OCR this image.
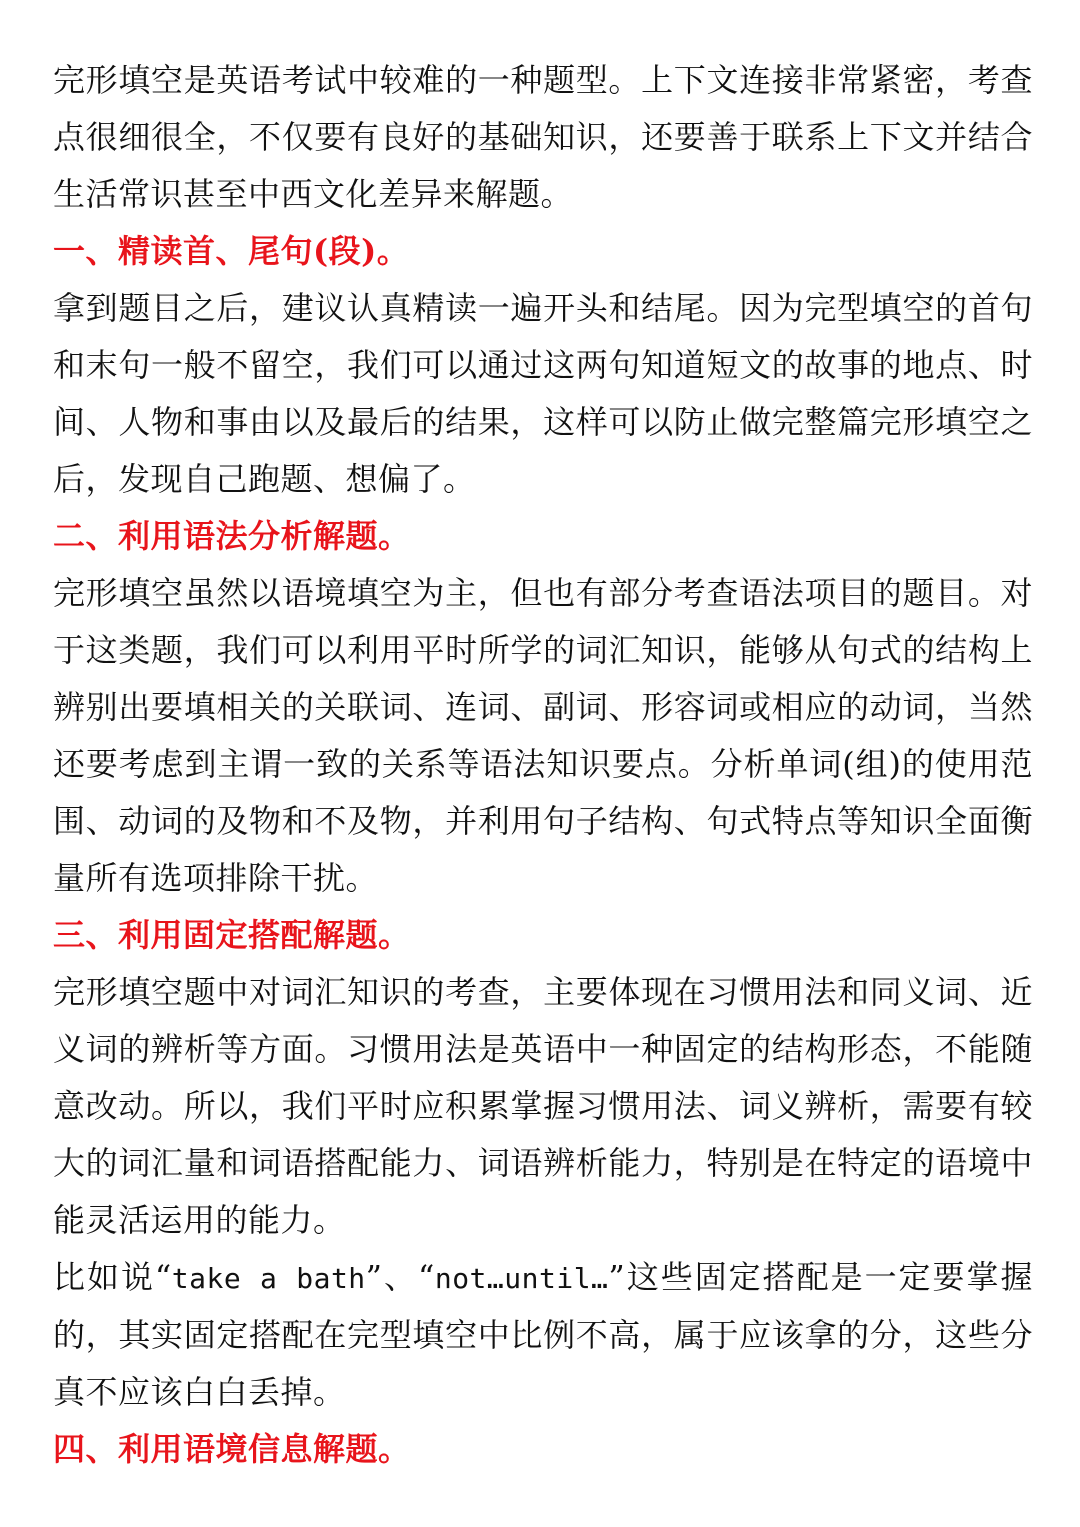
完形填空是英语考试中较难的一种题型。上下文连接非常紧密，考查点很细很全，不仅要有良好的基础知识，还要善于联系上下文并结合生活常识甚至中西文化差异来解题。

一、精读首、尾句(段)。

拿到题目之后，建议认真精读一遍开头和结尾。因为完型填空的首句和末句一般不留空，我们可以通过这两句知道短文的故事的地点、时间、人物和事由以及最后的结果，这样可以防止做完整篇完形填空之后，发现自己跑题、想偏了。

二、利用语法分析解题。

完形填空虽然以语境填空为主，但也有部分考查语法项目的题目。对于这类题，我们可以利用平时所学的词汇知识，能够从句式的结构上辨别出要填相关的关联词、连词、副词、形容词或相应的动词，当然还要考虑到主谓一致的关系等语法知识要点。分析单词(组)的使用范围、动词的及物和不及物，并利用句子结构、句式特点等知识全面衡量所有选项排除干扰。

三、利用固定搭配解题。

完形填空题中对词汇知识的考查，主要体现在习惯用法和同义词、近义词的辨析等方面。习惯用法是英语中一种固定的结构形态，不能随意改动。所以，我们平时应积累掌握习惯用法、词义辨析，需要有较大的词汇量和词语搭配能力、词语辨析能力，特别是在特定的语境中能灵活运用的能力。

比如说“take a bath”、“not…until…”这些固定搭配是一定要掌握的，其实固定搭配在完型填空中比例不高，属于应该拿的分，这些分真不应该白白丢掉。

四、利用语境信息解题。
